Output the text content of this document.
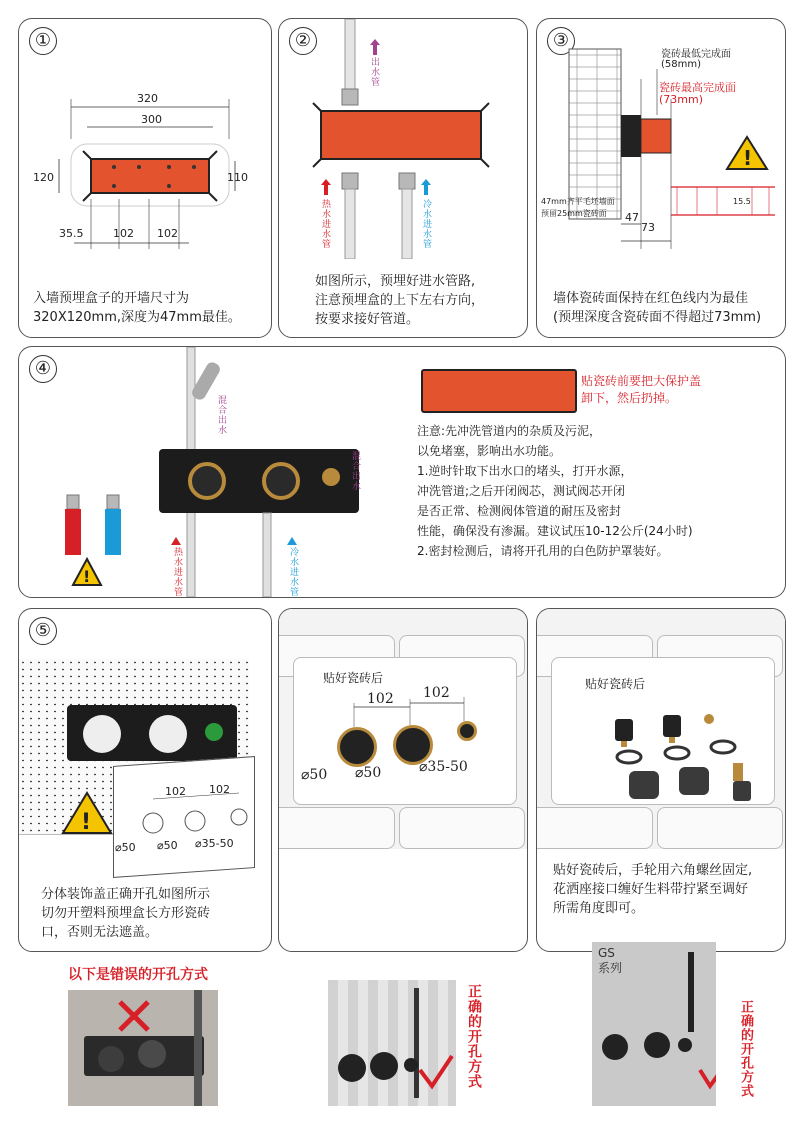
①
320
300
120	110
35.5	102 102
入墙预埋盒子的开墙尺寸为
320X120mm,深度为47mm最佳。
②
出水管
热水进水管	冷水进水管
如图所示，预埋好进水管路,
注意预埋盒的上下左右方向，
按要求接好管道。
③
!
瓷砖最低完成面
(58mm)
瓷砖最高完成面
(73mm)
47mm齐平毛坯墙面
预留25mm瓷砖面 47
73
15.5
墙体瓷砖面保持在红色线内为最佳
(预埋深度含瓷砖面不得超过73mm)
④
!
混合出水
混合出水
热水进水管	冷水进水管
贴瓷砖前要把大保护盖
卸下，然后扔掉。
注意:先冲洗管道内的杂质及污泥，
以免堵塞，影响出水功能。
1.逆时针取下出水口的堵头，打开水源，
冲洗管道;之后开闭阀芯，测试阀芯开闭
是否正常、检测阀体管道的耐压及密封
性能，确保没有渗漏。建议试压10-12公斤(24小时)
2.密封检测后，请将开孔用的白色防护罩装好。
⑤
!
102 102
⌀50 ⌀50 ⌀35-50
分体装饰盖正确开孔如图所示
切勿开塑料预埋盒长方形瓷砖
口，否则无法遮盖。
贴好瓷砖后
102 102
⌀50 ⌀50	⌀35-50
贴好瓷砖后
贴好瓷砖后，手轮用六角螺丝固定,
花洒座接口缠好生料带拧紧至调好
所需角度即可。
以下是错误的开孔方式
正确的开孔方式
GS系列
正确的开孔方式
